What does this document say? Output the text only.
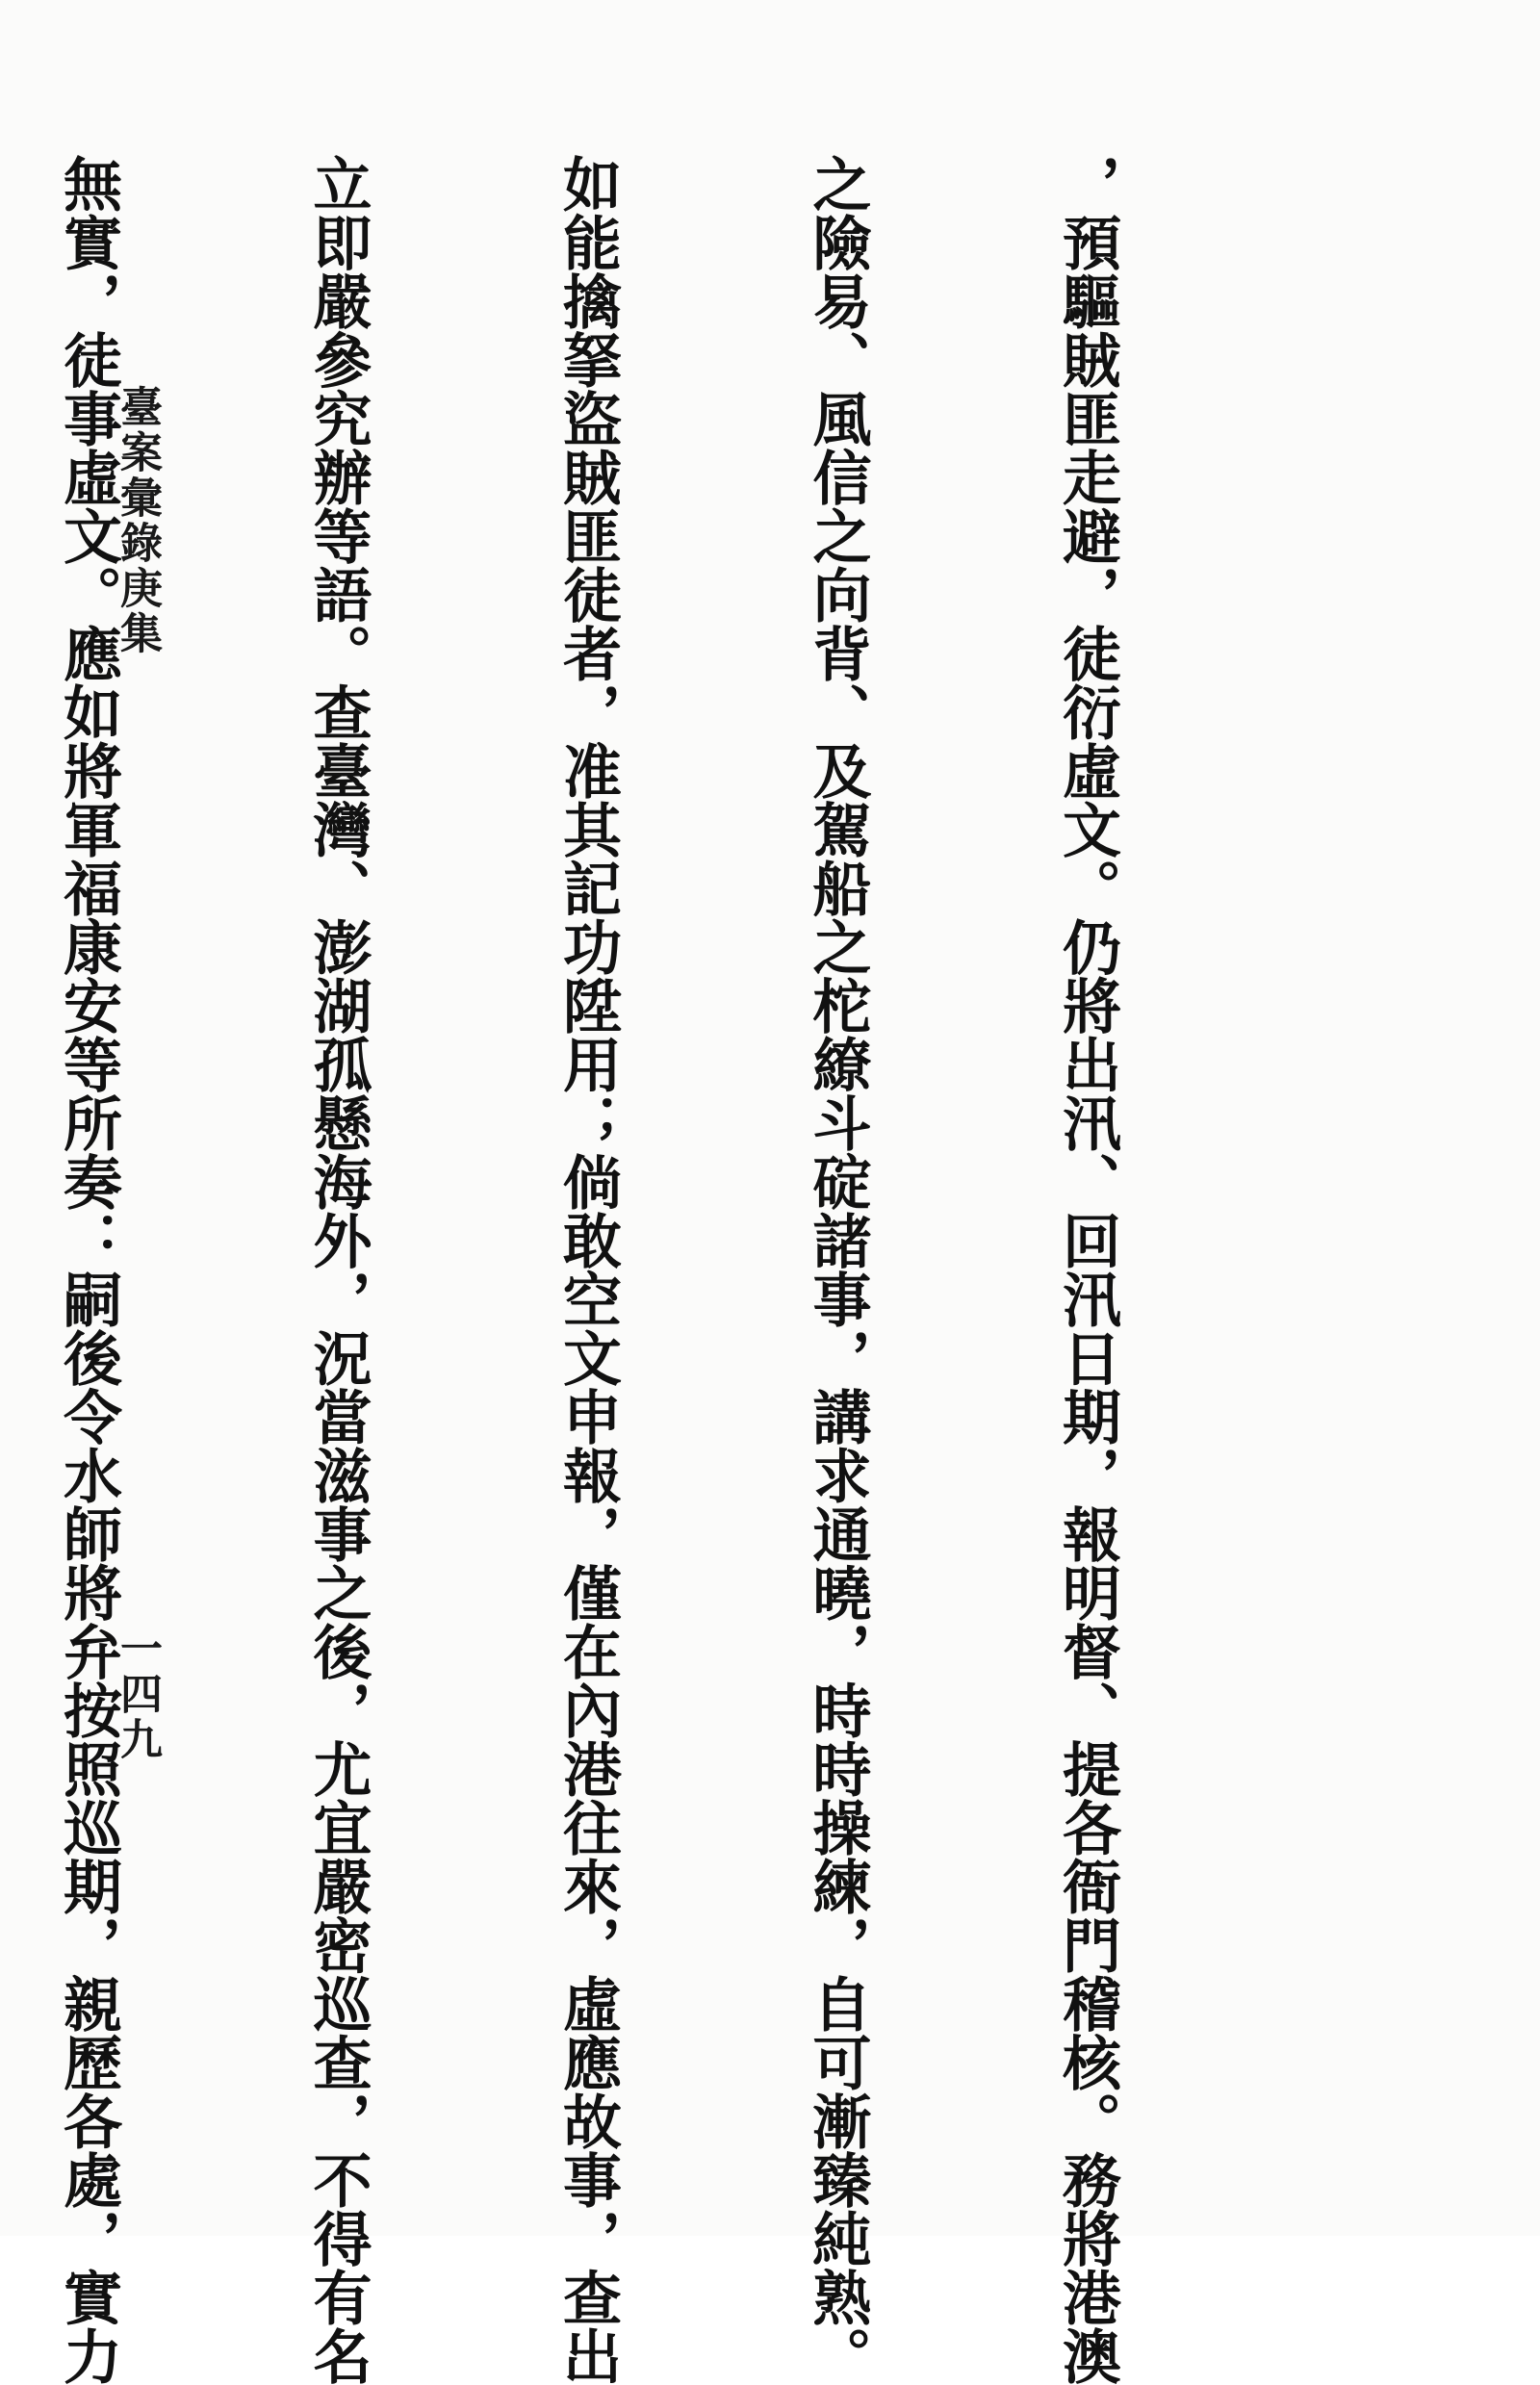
臺案彙錄庚集
一四九

	，預驅賊匪走避，徒衍虛文。仍將出汛、回汛日期，報明督、提各衙門稽核。務將港澳

之險易、風信之向背、及駕船之柁繚斗碇諸事，講求通曉，時時操練，自可漸臻純熟。

如能擒拏盜賊匪徒者，准其記功陞用；倘敢空文申報，僅在內港往來，虛應故事，查出

立即嚴參究辦等語。查臺灣、澎湖孤懸海外，況當滋事之後，尤宜嚴密巡查，不得有名

無實，徒事虛文。應如將軍福康安等所奏：嗣後令水師將弁按照巡期，親歷各處，實力
